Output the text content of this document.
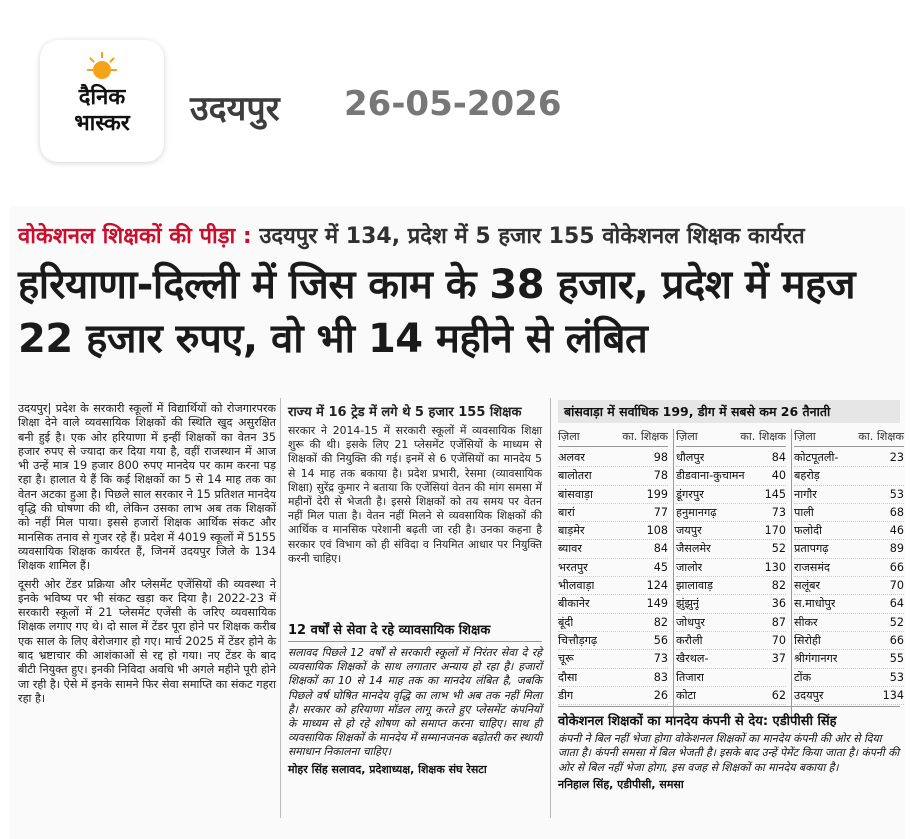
दैनिक
भास्कर	उदयपुर 26-05-2026
वोकेशनल शिक्षकों की पीड़ा : उदयपुर में 134, प्रदेश में 5 हजार 155 वोकेशनल शिक्षक कार्यरत
हरियाणा-दिल्ली में जिस काम के 38 हजार, प्रदेश में महज 22 हजार रुपए, वो भी 14 महीने से लंबित

उदयपुर| प्रदेश के सरकारी स्कूलों में विद्यार्थियों को रोजगारपरक शिक्षा देने वाले व्यवसायिक शिक्षकों की स्थिति खुद असुरक्षित बनी हुई है। एक ओर हरियाणा में इन्हीं शिक्षकों का वेतन 35 हजार रुपए से ज्यादा कर दिया गया है, वहीं राजस्थान में आज भी उन्हें मात्र 19 हजार 800 रुपए मानदेय पर काम करना पड़ रहा है। हालात ये हैं कि कई शिक्षकों का 5 से 14 माह तक का वेतन अटका हुआ है। पिछले साल सरकार ने 15 प्रतिशत मानदेय वृद्धि की घोषणा की थी, लेकिन उसका लाभ अब तक शिक्षकों को नहीं मिल पाया। इससे हजारों शिक्षक आर्थिक संकट और मानसिक तनाव से गुजर रहे हैं। प्रदेश में 4019 स्कूलों में 5155 व्यवसायिक शिक्षक कार्यरत हैं, जिनमें उदयपुर जिले के 134 शिक्षक शामिल हैं।

दूसरी ओर टेंडर प्रक्रिया और प्लेसमेंट एजेंसियों की व्यवस्था ने इनके भविष्य पर भी संकट खड़ा कर दिया है। 2022-23 में सरकारी स्कूलों में 21 प्लेसमेंट एजेंसी के जरिए व्यवसायिक शिक्षक लगाए गए थे। दो साल में टेंडर पूरा होने पर शिक्षक करीब एक साल के लिए बेरोजगार हो गए। मार्च 2025 में टेंडर होने के बाद भ्रष्टाचार की आशंकाओं से रद्द हो गया। नए टेंडर के बाद बीटी नियुक्त हुए। इनकी निविदा अवधि भी अगले महीने पूरी होने जा रही है। ऐसे में इनके सामने फिर सेवा समाप्ति का संकट गहरा रहा है।

राज्य में 16 ट्रेड में लगे थे 5 हजार 155 शिक्षक
सरकार ने 2014-15 में सरकारी स्कूलों में व्यवसायिक शिक्षा शुरू की थी। इसके लिए 21 प्लेसमेंट एजेंसियों के माध्यम से शिक्षकों की नियुक्ति की गई। इनमें से 6 एजेंसियों का मानदेय 5 से 14 माह तक बकाया है। प्रदेश प्रभारी, रेसमा (व्यावसायिक शिक्षा) सुरेंद्र कुमार ने बताया कि एजेंसियां वेतन की मांग समसा में महीनों देरी से भेजती है। इससे शिक्षकों को तय समय पर वेतन नहीं मिल पाता है। वेतन नहीं मिलने से व्यवसायिक शिक्षकों की आर्थिक व मानसिक परेशानी बढ़ती जा रही है। उनका कहना है सरकार एवं विभाग को ही संविदा व नियमित आधार पर नियुक्ति करनी चाहिए।
12 वर्षों से सेवा दे रहे व्यावसायिक शिक्षक
सलावद पिछले 12 वर्षों से सरकारी स्कूलों में निरंतर सेवा दे रहे व्यवसायिक शिक्षकों के साथ लगातार अन्याय हो रहा है। हजारों शिक्षकों का 10 से 14 माह तक का मानदेय लंबित है, जबकि पिछले वर्ष घोषित मानदेय वृद्धि का लाभ भी अब तक नहीं मिला है। सरकार को हरियाणा मॉडल लागू करते हुए प्लेसमेंट कंपनियों के माध्यम से हो रहे शोषण को समाप्त करना चाहिए। साथ ही व्यवसायिक शिक्षकों के मानदेय में सम्मानजनक बढ़ोतरी कर स्थायी समाधान निकालना चाहिए।
मोहर सिंह सलावद, प्रदेशाध्यक्ष, शिक्षक संघ रेसटा
बांसवाड़ा में सर्वाधिक 199, डीग में सबसे कम 26 तैनाती
ज़िला	का. शिक्षक
अलवर	98
बालोतरा	78
बांसवाड़ा	199
बारां	77
बाड़मेर	108
ब्यावर	84
भरतपुर	45
भीलवाड़ा	124
बीकानेर	149
बूंदी	82
चित्तौड़गढ़	56
चूरू	73
दौसा	83
डीग	26
ज़िला	का. शिक्षक
धौलपुर	84
डीडवाना-कुचामन 40
डूंगरपुर	145
हनुमानगढ़	73
जयपुर	170
जैसलमेर	52
जालोर	130
झालावाड़	82
झुंझुनूं	36
जोधपुर	87
करौली	70
खैरथल-	37
तिजारा
कोटा	62
ज़िला	का. शिक्षक
कोटपूतली-	23
बहरोड़
नागौर	53
पाली	68
फलोदी	46
प्रतापगढ़	89
राजसमंद	66
सलूंबर	70
स.माधोपुर	64
सीकर	52
सिरोही	66
श्रीगंगानगर	55
टोंक	53
उदयपुर	134
वोकेशनल शिक्षकों का मानदेय कंपनी से देय: एडीपीसी सिंह
कंपनी ने बिल नहीं भेजा होगा वोकेशनल शिक्षकों का मानदेय कंपनी की ओर से दिया जाता है। कंपनी समसा में बिल भेजती है। इसके बाद उन्हें पेमेंट किया जाता है। कंपनी की ओर से बिल नहीं भेजा होगा, इस वजह से शिक्षकों का मानदेय बकाया है।
ननिहाल सिंह, एडीपीसी, समसा
